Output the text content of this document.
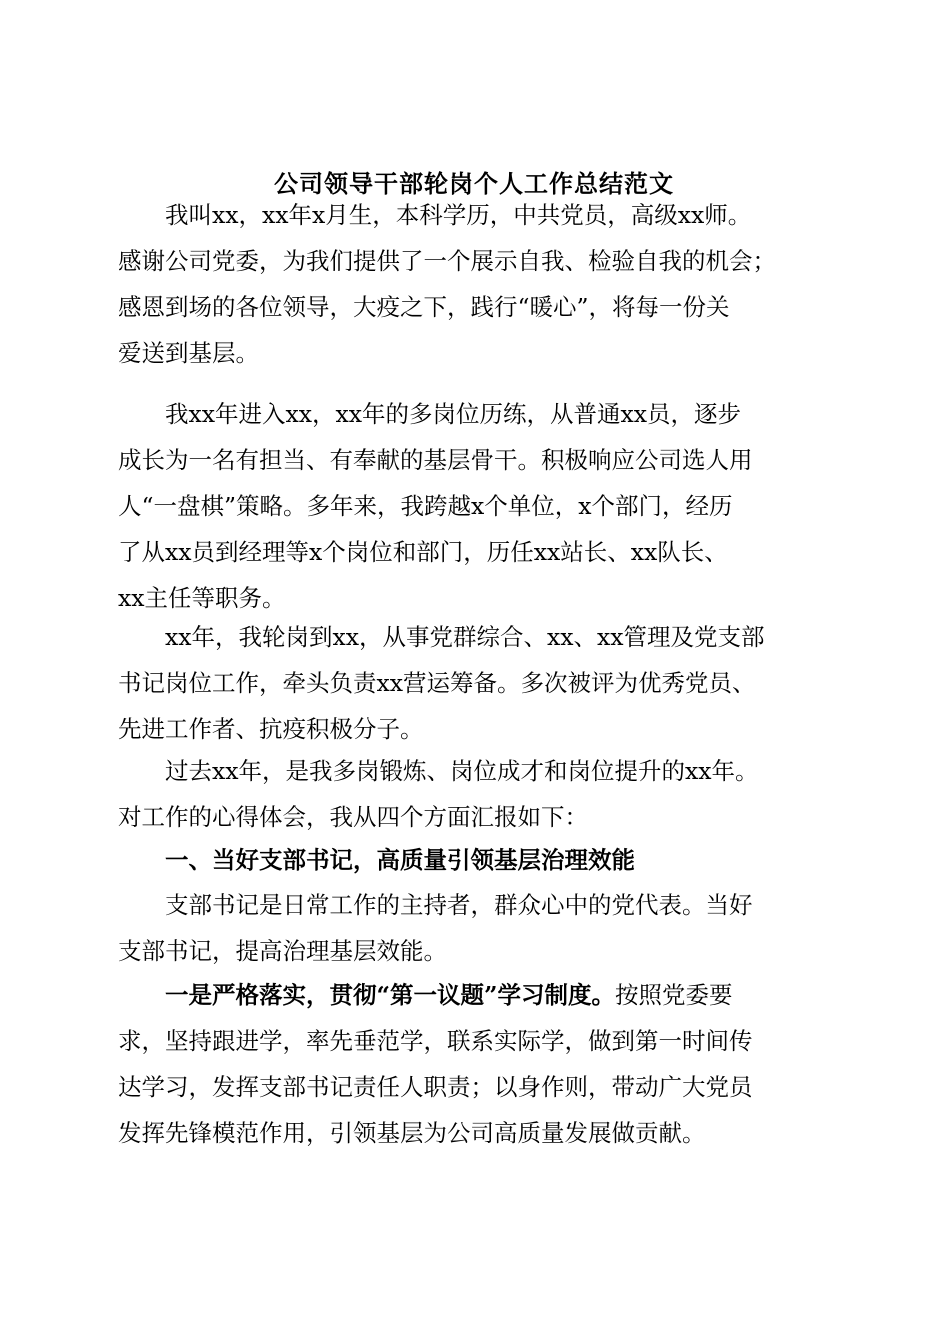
公司领导干部轮岗个人工作总结范文
我叫xx，xx年x月生，本科学历，中共党员，高级xx师。
感谢公司党委，为我们提供了一个展示自我、检验自我的机会；
感恩到场的各位领导，大疫之下，践行“暖心”，将每一份关
爱送到基层。
我xx年进入xx，xx年的多岗位历练，从普通xx员，逐步
成长为一名有担当、有奉献的基层骨干。积极响应公司选人用
人“一盘棋”策略。多年来，我跨越x个单位，x个部门，经历
了从xx员到经理等x个岗位和部门，历任xx站长、xx队长、
xx主任等职务。
xx年，我轮岗到xx，从事党群综合、xx、xx管理及党支部
书记岗位工作，牵头负责xx营运筹备。多次被评为优秀党员、
先进工作者、抗疫积极分子。
过去xx年，是我多岗锻炼、岗位成才和岗位提升的xx年。
对工作的心得体会，我从四个方面汇报如下：
一、当好支部书记，高质量引领基层治理效能
支部书记是日常工作的主持者，群众心中的党代表。当好
支部书记，提高治理基层效能。
一是严格落实，贯彻“第一议题”学习制度。按照党委要
求，坚持跟进学，率先垂范学，联系实际学，做到第一时间传
达学习，发挥支部书记责任人职责；以身作则，带动广大党员
发挥先锋模范作用，引领基层为公司高质量发展做贡献。
